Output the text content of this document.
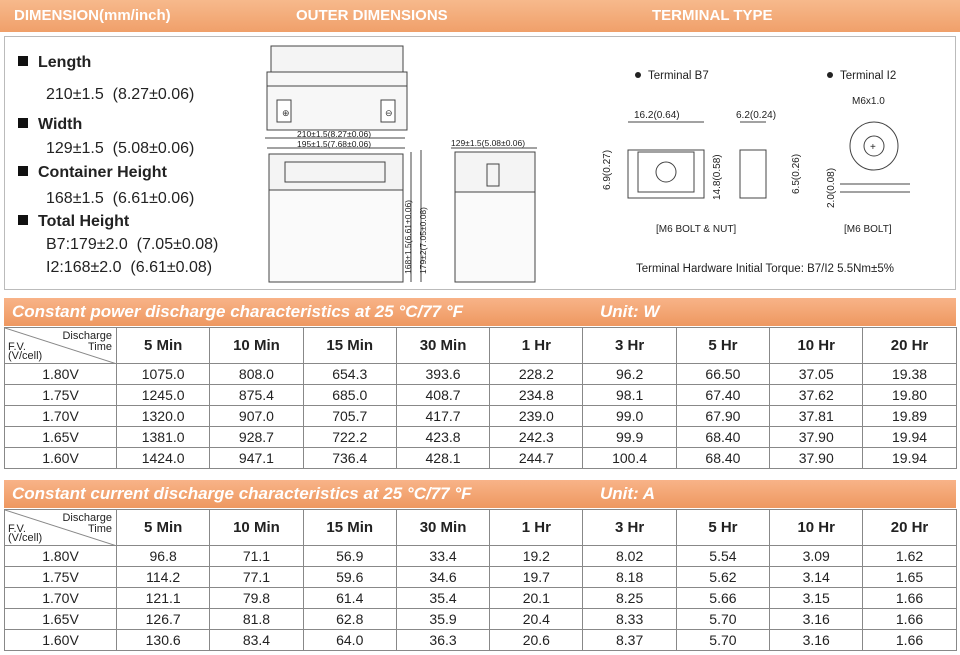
DIMENSION(mm/inch)	OUTER DIMENSIONS	TERMINAL TYPE
Length
210±1.5 (8.27±0.06)
Width
129±1.5 (5.08±0.06)
Container Height
168±1.5 (6.61±0.06)
Total Height
B7:179±2.0 (7.05±0.08)
I2:168±2.0 (6.61±0.08)
⊕	⊖
210±1.5(8.27±0.06)
195±1.5(7.68±0.06)
168±1.5(6.61±0.06) 179±2(7.05±0.08)
129±1.5(5.08±0.06)
Terminal B7	Terminal I2
16.2(0.64)	6.2(0.24)
6.9(0.27)	14.8(0.58)	6.5(0.26)
[M6 BOLT & NUT]
M6x1.0
+
2.0(0.08)
[M6 BOLT]
Terminal Hardware Initial Torque: B7/I2 5.5Nm±5%
Constant power discharge characteristics at 25 °C/77 °F	Unit: W
Discharge
Time
F.V.
(V/cell)	5 Min	10 Min	15 Min	30 Min	1 Hr	3 Hr	5 Hr	10 Hr	20 Hr
1.80V	1075.0	808.0	654.3	393.6	228.2	96.2	66.50	37.05	19.38
1.75V	1245.0	875.4	685.0	408.7	234.8	98.1	67.40	37.62	19.80
1.70V	1320.0	907.0	705.7	417.7	239.0	99.0	67.90	37.81	19.89
1.65V	1381.0	928.7	722.2	423.8	242.3	99.9	68.40	37.90	19.94
1.60V	1424.0	947.1	736.4	428.1	244.7	100.4	68.40	37.90	19.94
Constant current discharge characteristics at 25 °C/77 °F	Unit: A
Discharge
Time
F.V.
(V/cell)	5 Min	10 Min	15 Min	30 Min	1 Hr	3 Hr	5 Hr	10 Hr	20 Hr
1.80V	96.8	71.1	56.9	33.4	19.2	8.02	5.54	3.09	1.62
1.75V	114.2	77.1	59.6	34.6	19.7	8.18	5.62	3.14	1.65
1.70V	121.1	79.8	61.4	35.4	20.1	8.25	5.66	3.15	1.66
1.65V	126.7	81.8	62.8	35.9	20.4	8.33	5.70	3.16	1.66
1.60V	130.6	83.4	64.0	36.3	20.6	8.37	5.70	3.16	1.66
